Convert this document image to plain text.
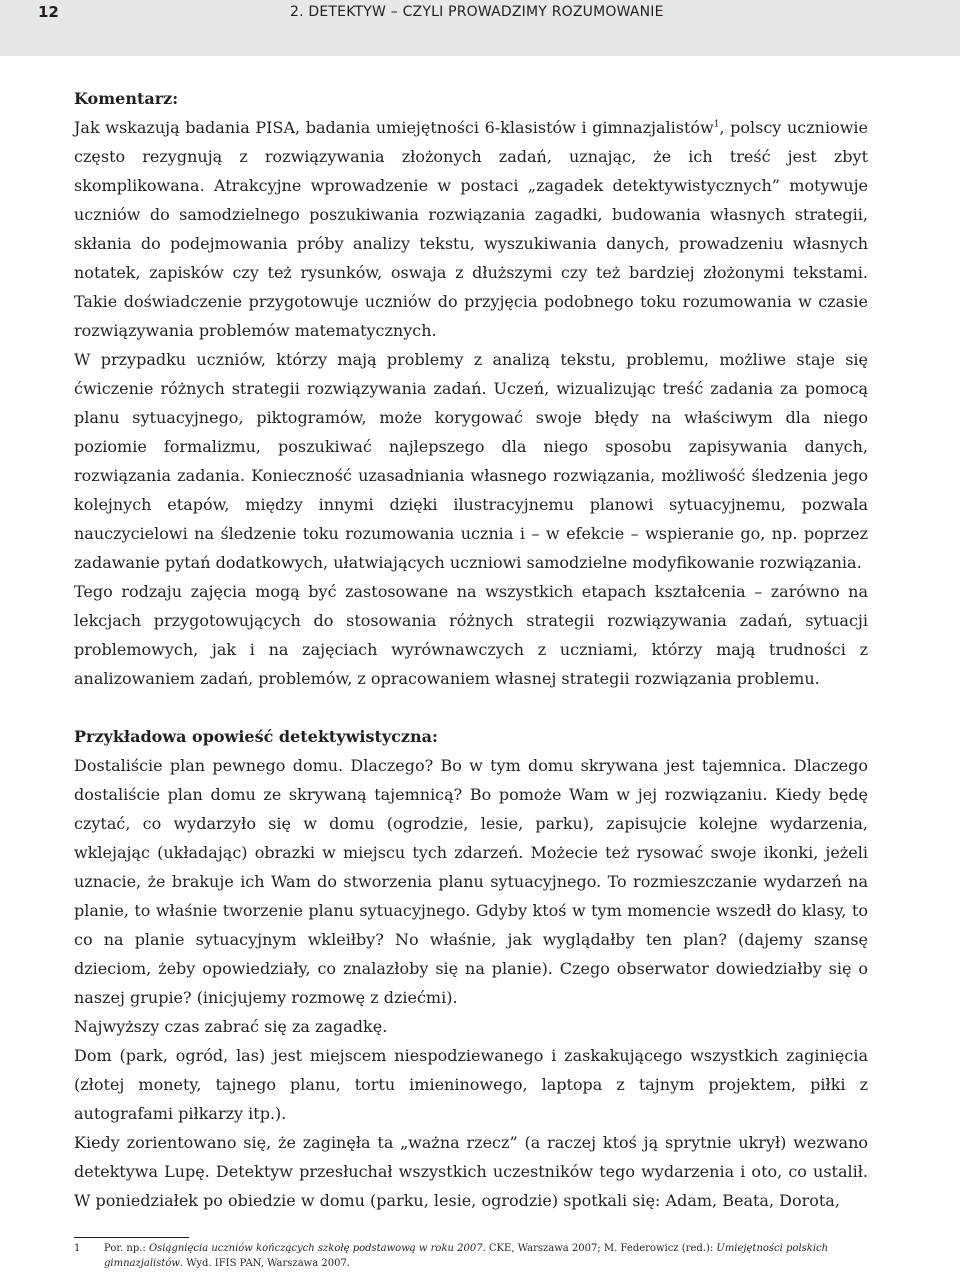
12	2. DETEKTYW – CZYLI PROWADZIMY ROZUMOWANIE
Komentarz:

Jak wskazują badania PISA, badania umiejętności 6-klasistów i gimnazjalistów$^1$, polscy uczniowie często rezygnują z rozwiązywania złożonych zadań, uznając, że ich treść jest zbyt skomplikowana. Atrakcyjne wprowadzenie w postaci „zagadek detektywistycznych” motywuje uczniów do samodzielnego poszukiwania rozwiązania zagadki, budowania własnych strategii, skłania do podejmowania próby analizy tekstu, wyszukiwania danych, prowadzeniu własnych notatek, zapisków czy też rysunków, oswaja z dłuższymi czy też bardziej złożonymi tekstami. Takie doświadczenie przygotowuje uczniów do przyjęcia podobnego toku rozumowania w czasie rozwiązywania problemów matematycznych.

W przypadku uczniów, którzy mają problemy z analizą tekstu, problemu, możliwe staje się ćwiczenie różnych strategii rozwiązywania zadań. Uczeń, wizualizując treść zadania za pomocą planu sytuacyjnego, piktogramów, może korygować swoje błędy na właściwym dla niego poziomie formalizmu, poszukiwać najlepszego dla niego sposobu zapisywania danych, rozwiązania zadania. Konieczność uzasadniania własnego rozwiązania, możliwość śledzenia jego kolejnych etapów, między innymi dzięki ilustracyjnemu planowi sytuacyjnemu, pozwala nauczycielowi na śledzenie toku rozumowania ucznia i – w efekcie – wspieranie go, np. poprzez zadawanie pytań dodatkowych, ułatwiających uczniowi samodzielne modyfikowanie rozwiązania.

Tego rodzaju zajęcia mogą być zastosowane na wszystkich etapach kształcenia – zarówno na lekcjach przygotowujących do stosowania różnych strategii rozwiązywania zadań, sytuacji problemowych, jak i na zajęciach wyrównawczych z uczniami, którzy mają trudności z analizowaniem zadań, problemów, z opracowaniem własnej strategii rozwiązania problemu.

Przykładowa opowieść detektywistyczna:

Dostaliście plan pewnego domu. Dlaczego? Bo w tym domu skrywana jest tajemnica. Dlaczego dostaliście plan domu ze skrywaną tajemnicą? Bo pomoże Wam w jej rozwiązaniu. Kiedy będę czytać, co wydarzyło się w domu (ogrodzie, lesie, parku), zapisujcie kolejne wydarzenia, wklejając (układając) obrazki w miejscu tych zdarzeń. Możecie też rysować swoje ikonki, jeżeli uznacie, że brakuje ich Wam do stworzenia planu sytuacyjnego. To rozmieszczanie wydarzeń na planie, to właśnie tworzenie planu sytuacyjnego. Gdyby ktoś w tym momencie wszedł do klasy, to co na planie sytuacyjnym wkleiłby? No właśnie, jak wyglądałby ten plan? (dajemy szansę dzieciom, żeby opowiedziały, co znalazłoby się na planie). Czego obserwator dowiedziałby się o naszej grupie? (inicjujemy rozmowę z dziećmi).

Najwyższy czas zabrać się za zagadkę.

Dom (park, ogród, las) jest miejscem niespodziewanego i zaskakującego wszystkich zaginięcia (złotej monety, tajnego planu, tortu imieninowego, laptopa z tajnym projektem, piłki z autografami piłkarzy itp.).

Kiedy zorientowano się, że zaginęła ta „ważna rzecz” (a raczej ktoś ją sprytnie ukrył) wezwano detektywa Lupę. Detektyw przesłuchał wszystkich uczestników tego wydarzenia i oto, co ustalił. W poniedziałek po obiedzie w domu (parku, lesie, ogrodzie) spotkali się: Adam, Beata, Dorota,

1 Por. np.: Osiągnięcia uczniów kończących szkołę podstawową w roku 2007. CKE, Warszawa 2007; M. Federowicz (red.): Umiejętności polskich gimnazjalistów. Wyd. IFIS PAN, Warszawa 2007.
